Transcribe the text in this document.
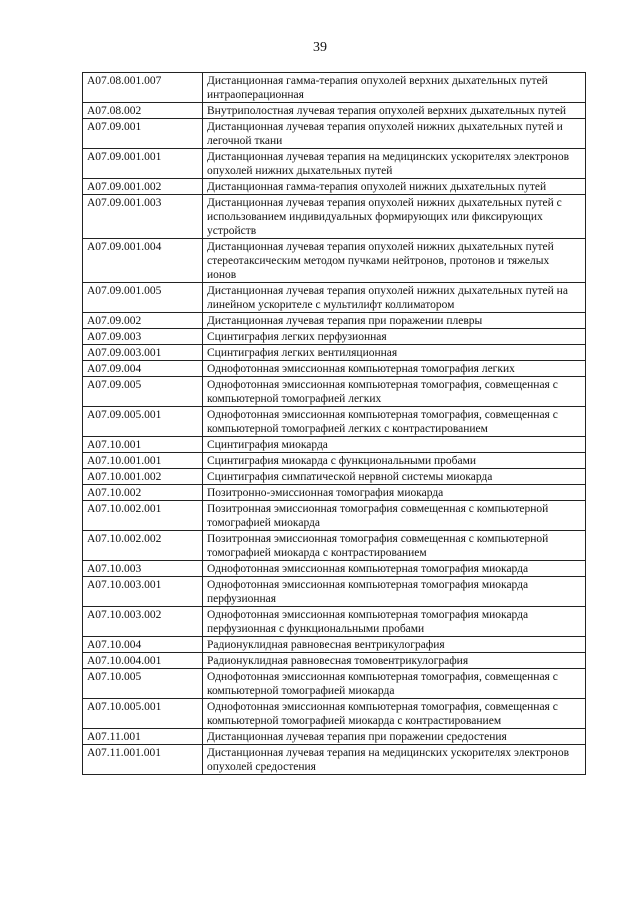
39
A07.08.001.007	Дистанционная гамма-терапия опухолей верхних дыхательных путей интраоперационная
A07.08.002	Внутриполостная лучевая терапия опухолей верхних дыхательных путей
A07.09.001	Дистанционная лучевая терапия опухолей нижних дыхательных путей и легочной ткани
A07.09.001.001	Дистанционная лучевая терапия на медицинских ускорителях электронов опухолей нижних дыхательных путей
A07.09.001.002	Дистанционная гамма-терапия опухолей нижних дыхательных путей
A07.09.001.003	Дистанционная лучевая терапия опухолей нижних дыхательных путей с использованием индивидуальных формирующих или фиксирующих устройств
A07.09.001.004	Дистанционная лучевая терапия опухолей нижних дыхательных путей стереотаксическим методом пучками нейтронов, протонов и тяжелых ионов
A07.09.001.005	Дистанционная лучевая терапия опухолей нижних дыхательных путей на линейном ускорителе с мультилифт коллиматором
A07.09.002	Дистанционная лучевая терапия при поражении плевры
A07.09.003	Сцинтиграфия легких перфузионная
A07.09.003.001	Сцинтиграфия легких вентиляционная
A07.09.004	Однофотонная эмиссионная компьютерная томография легких
A07.09.005	Однофотонная эмиссионная компьютерная томография, совмещенная с компьютерной томографией легких
A07.09.005.001	Однофотонная эмиссионная компьютерная томография, совмещенная с компьютерной томографией легких с контрастированием
A07.10.001	Сцинтиграфия миокарда
A07.10.001.001	Сцинтиграфия миокарда с функциональными пробами
A07.10.001.002	Сцинтиграфия симпатической нервной системы миокарда
A07.10.002	Позитронно-эмиссионная томография миокарда
A07.10.002.001	Позитронная эмиссионная томография совмещенная с компьютерной томографией миокарда
A07.10.002.002	Позитронная эмиссионная томография совмещенная с компьютерной томографией миокарда с контрастированием
A07.10.003	Однофотонная эмиссионная компьютерная томография миокарда
A07.10.003.001	Однофотонная эмиссионная компьютерная томография миокарда перфузионная
A07.10.003.002	Однофотонная эмиссионная компьютерная томография миокарда перфузионная с функциональными пробами
A07.10.004	Радионуклидная равновесная вентрикулография
A07.10.004.001	Радионуклидная равновесная томовентрикулография
A07.10.005	Однофотонная эмиссионная компьютерная томография, совмещенная с компьютерной томографией миокарда
A07.10.005.001	Однофотонная эмиссионная компьютерная томография, совмещенная с компьютерной томографией миокарда с контрастированием
A07.11.001	Дистанционная лучевая терапия при поражении средостения
A07.11.001.001	Дистанционная лучевая терапия на медицинских ускорителях электронов опухолей средостения
